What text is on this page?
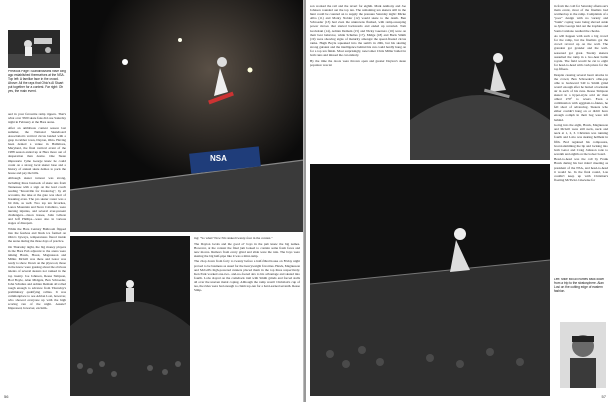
Previous Page: Scandinavians have long ago established themselves at the NSA. Top left: A familiar face in the crowd. Above: All the rays that Ohio's Al Stuart put together for a contest. Far right: Oh yes, the main event.
NSA

ued in your favourite ramp rippers. That's what over 3500 skate fans did one Saturday night in February at the Hara arena.

After an ambitious contest season last summer, the National Skateboard Association's vertical circus landed with a gasp in rubber town, Dayton, Ohio. Having been denied a venue in Baltimore, Maryland, the final vertical event of the 1988 season ended up at Hara more out of desperation than desire. One Skate impresario Jyme George knew he could count on a strong local skater base and a history of annual skate demos to pack the house and pay the bills.

Although skater turnout was strong, including three busloads of skate rats from Tennessee with a sign on the lead coach reading "Knoxville for Underdog", by all accounts, the take at the gate was short of breaking even. The pro skater roster was a bit thin, as well. Two top ten favorites, Lance Mountain and Steve Caballero, were nursing injuries, and several ever-present challengers—Jason Jessee, John Gibson and Jeff Phillips—were also in various stages of disrepair.

While the Hara Century Ballroom flipped into the fearless and black ice formed on Ohio's byways, temperatures flared inside the arena during the three days of practice.

On Thursday night, the big money players in the Hara Pub adjacent to the arena were talking Hawk, Hosoi, Magnusson and Miller. McGill was there and Gator was ready to show. Down on the plywood, those in the know were gassing about the obvious talents of several skaters not ranked in the top twenty. Joe Johnson, Reese Simpson, Bod Boyle, Alan Midgets, Ben Schroeder, John Schultes and Adrian Demain all rolled tough enough to advance from Thursday's preliminary qualifying rallies. It was commonplace to see Adrian Losi, however, who showed everyone up with the high scoring run of the night. Aussie? Impressed, however, exclaim-

ing: "So what? Now I'm ranked twenty-four in the contest."

The Dayton locals and the good ol' boys in the pub knew the big names. However, at the contest the final jam looked to contain some fresh faces and new moves. Rumors from every grind and slide were the rule. The boys were skating the big half-pipe like it was a mini-ramp.

The chop down from forty to twenty before a half-filled house on Friday night proved to be business as usual for the heavyweight favorites. Hawk, Magnusson and McGill's high-powered runners placed them in the top three respectively. Ken Park worked one-two- and-no-footed airs to his advantage and skated into fourth. Lobo slayed on the comeback trail with Smith grinds and forced stalls all over the uneven metal coping. Although the ramp wasn't Christian's cup of tea, the rides were bad enough to claim top-ten for a hard-earned seventh. Reese Simp-

56

son worked the rail and the revert for eighth. Mark Anthony and Joe Johnson rounded out the top ten. The remaining ten skaters still in the hunt could be counted on to supply the pressure Saturday night: Micke Alba (11) and Monty Nolder (12) would skate to the death. Ben Schroeder (13) had even the unknowns flushed, with ramp-sweeping power moves that started backwards and ended up reverted. Tom Groholski (14), Adrian Demain (15) and Nicky Guerrero (16) were on their best behavior, while Schultes (17), Midge (18) and Buck Smith (19) were showing signs of maturity amongst the speed-floated circus ranks. Hugh Boyle squeaked into the semi's in 20th, but his skating strong gutsiest and the intelligence behind his run could hardly hang on for a top ten finish. Most surprisingly, newcomer Chris Miller bailed in both runs and missed the cut entirely.

By the time the doors were thrown open and greater Dayton's skate populace was let

in from the cold for Saturday afternoon's main event, most of the finalists had warmed up to the ramp. Complaints of a "poor" design with no variety and "bunk" coping were being shoved aside as Jyme George laid out the trophies and Sonia Catalano readied the checks.

As will happen with such a big crowd for the ramp, but the finalists got the crowd revved up on the wall. The grandest got grander and the well-seasoned got great. Twenty skaters assaulted the ramp in a two-heat battle royale. The field would be cut to eight for head-to-head with cash prizes for the top fifteen.

Despite causing several heart attacks in the crowd, Ben Schroeder's ollie-pop ollie to backward 540 to Smith grind wasn't enough after he buried a backside air in each of his runs. Reese Simpson skated in a hyper-style acid air then ollied 270° to revert. Even a combination with eggplant-to-fakies, he fell short of advancing. Skaters who either couldn't hang on or didn't have enough oomph in their bag were left behind.

Going into the eight, Hawk, Magnusson and McGill were still neck, neck and neck at 1, 2, 3. Christian was running fourth and Lobo was skating hellbent in fifth. Bod regained his composure, board-slamming the lip and locking into both Gator and Craig Johnson rode to seventh and eighth on the locker board.

Head-to-head was the call by Frank Hawk during his last riders' meeting as president of the NSA, and head-to-head it would be. In the final round, Lou couldn't keep up with Christian's floating McTwist. Likewise for

Left: Mike McGill hurtles back down from a trip to the stratosphere. Alan Losi on the cutting edge of eastern fashion.
57
